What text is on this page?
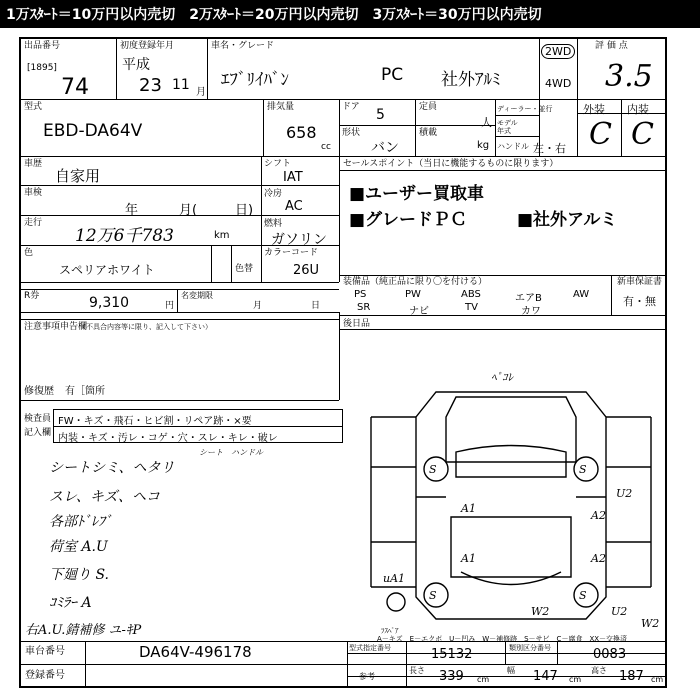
1万ｽﾀｰﾄ＝10万円以内売切　2万ｽﾀｰﾄ＝20万円以内売切　3万ｽﾀｰﾄ＝30万円以内売切
出品番号
[1895]
74
初度登録年月
平成
23 11 月
車名・グレード
ｴﾌﾞﾘｲﾊﾞﾝ	PC 社外ｱﾙﾐ
2WD
4WD
評 価 点
3.5
型式
EBD-DA64V
排気量
658
cc
ドア 5
形状
バン
定員
人
積載
kg
ディーラー・並行
モデル
年式
ハンドル 左・右
外装 内装
C C
車歴
自家用
シフト
IAT
冷房
AC
燃料
ガソリン
カラーコード
26U
車検
年	月(	日)
走行
12万6千783	km
色
スペリアホワイト	色替
R券	9,310	円
名変期限
月	日
セールスポイント（当日に機能するものに限ります）
■ユーザー買取車
■グレードＰＣ	■社外アルミ
装備品（純正品に限り〇を付ける）
PS	PW	ABS	エアB	AW
SR	ナビ	TV	カワ
新車保証書
有・無
後日品
注意事項申告欄
（不具合内容等に限り、記入して下さい）
修復歴 有［箇所
検査員
記入欄
FW・キズ・飛石・ヒビ割・リペア跡・×要
内装・キズ・汚レ・コゲ・穴・スレ・キレ・破レ
シート　ハンドル
シートシミ、ヘタリ
スレ、キズ、ヘコ
各部ﾄﾞﾚﾌﾞ
荷室 A.U
下廻り S.
ｺﾐﾗｰ A
右A.U.錆補修 ユ-ｷP
ﾍﾟｺﾚ
A1
A2
A1	A2
uA1
W2	U2
W2
U2
S	S
S	S
ﾌｽﾍﾟｱ
A－キズ　E－エクボ　U－凹み　W－補修跡　S－サビ　C－腐食　XX－交換済
車台番号	DA64V-496178
登録番号
型式指定番号	15132	類別区分番号	0083
参考
長さ 339 cm
幅 147 cm
高さ 187 cm
